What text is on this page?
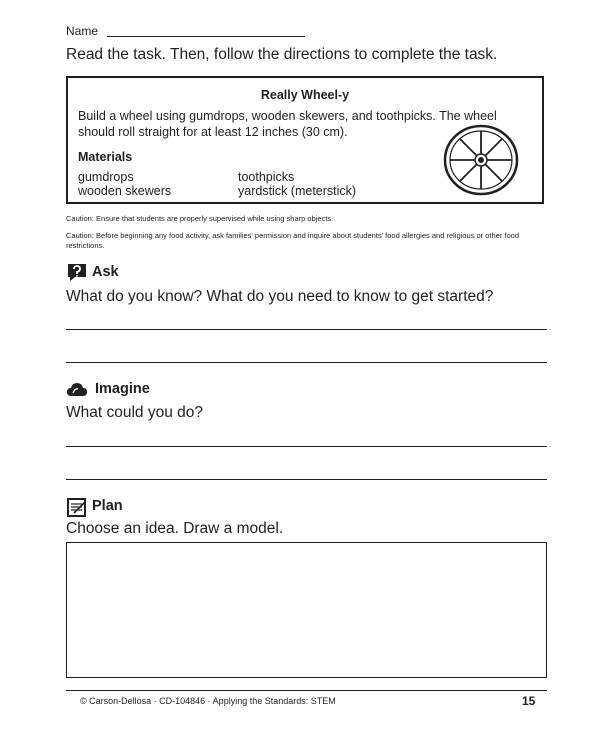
Name
Read the task. Then, follow the directions to complete the task.
Really Wheel-y
Build a wheel using gumdrops, wooden skewers, and toothpicks. The wheel should roll straight for at least 12 inches (30 cm).
Materials
gumdrops
wooden skewers
toothpicks
yardstick (meterstick)
Caution: Ensure that students are properly supervised while using sharp objects.
Caution: Before beginning any food activity, ask families' permission and inquire about students' food allergies and religious or other food restrictions.
Ask
What do you know? What do you need to know to get started?
Imagine
What could you do?
Plan
Choose an idea. Draw a model.
© Carson-Dellosa · CD-104846 · Applying the Standards: STEM	15
